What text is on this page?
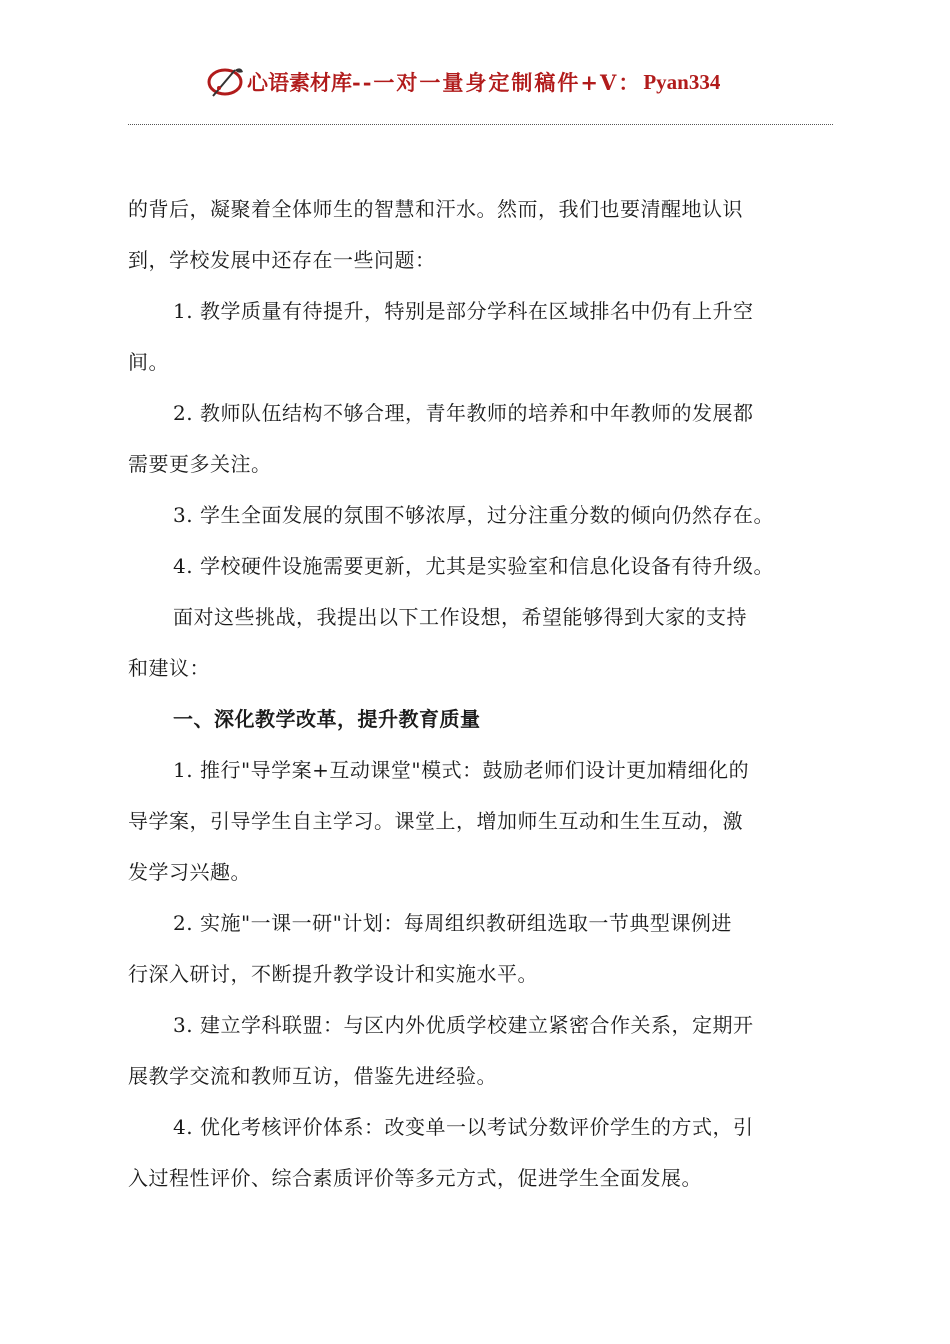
心语素材库 --一对一量身定制稿件+V： Pyan334

的背后，凝聚着全体师生的智慧和汗水。然而，我们也要清醒地认识

到，学校发展中还存在一些问题：

1. 教学质量有待提升，特别是部分学科在区域排名中仍有上升空

间。

2. 教师队伍结构不够合理，青年教师的培养和中年教师的发展都

需要更多关注。

3. 学生全面发展的氛围不够浓厚，过分注重分数的倾向仍然存在。

4. 学校硬件设施需要更新，尤其是实验室和信息化设备有待升级。

面对这些挑战，我提出以下工作设想，希望能够得到大家的支持

和建议：

一、深化教学改革，提升教育质量

1. 推行"导学案+互动课堂"模式：鼓励老师们设计更加精细化的

导学案，引导学生自主学习。课堂上，增加师生互动和生生互动，激

发学习兴趣。

2. 实施"一课一研"计划：每周组织教研组选取一节典型课例进

行深入研讨，不断提升教学设计和实施水平。

3. 建立学科联盟：与区内外优质学校建立紧密合作关系，定期开

展教学交流和教师互访，借鉴先进经验。

4. 优化考核评价体系：改变单一以考试分数评价学生的方式，引

入过程性评价、综合素质评价等多元方式，促进学生全面发展。
